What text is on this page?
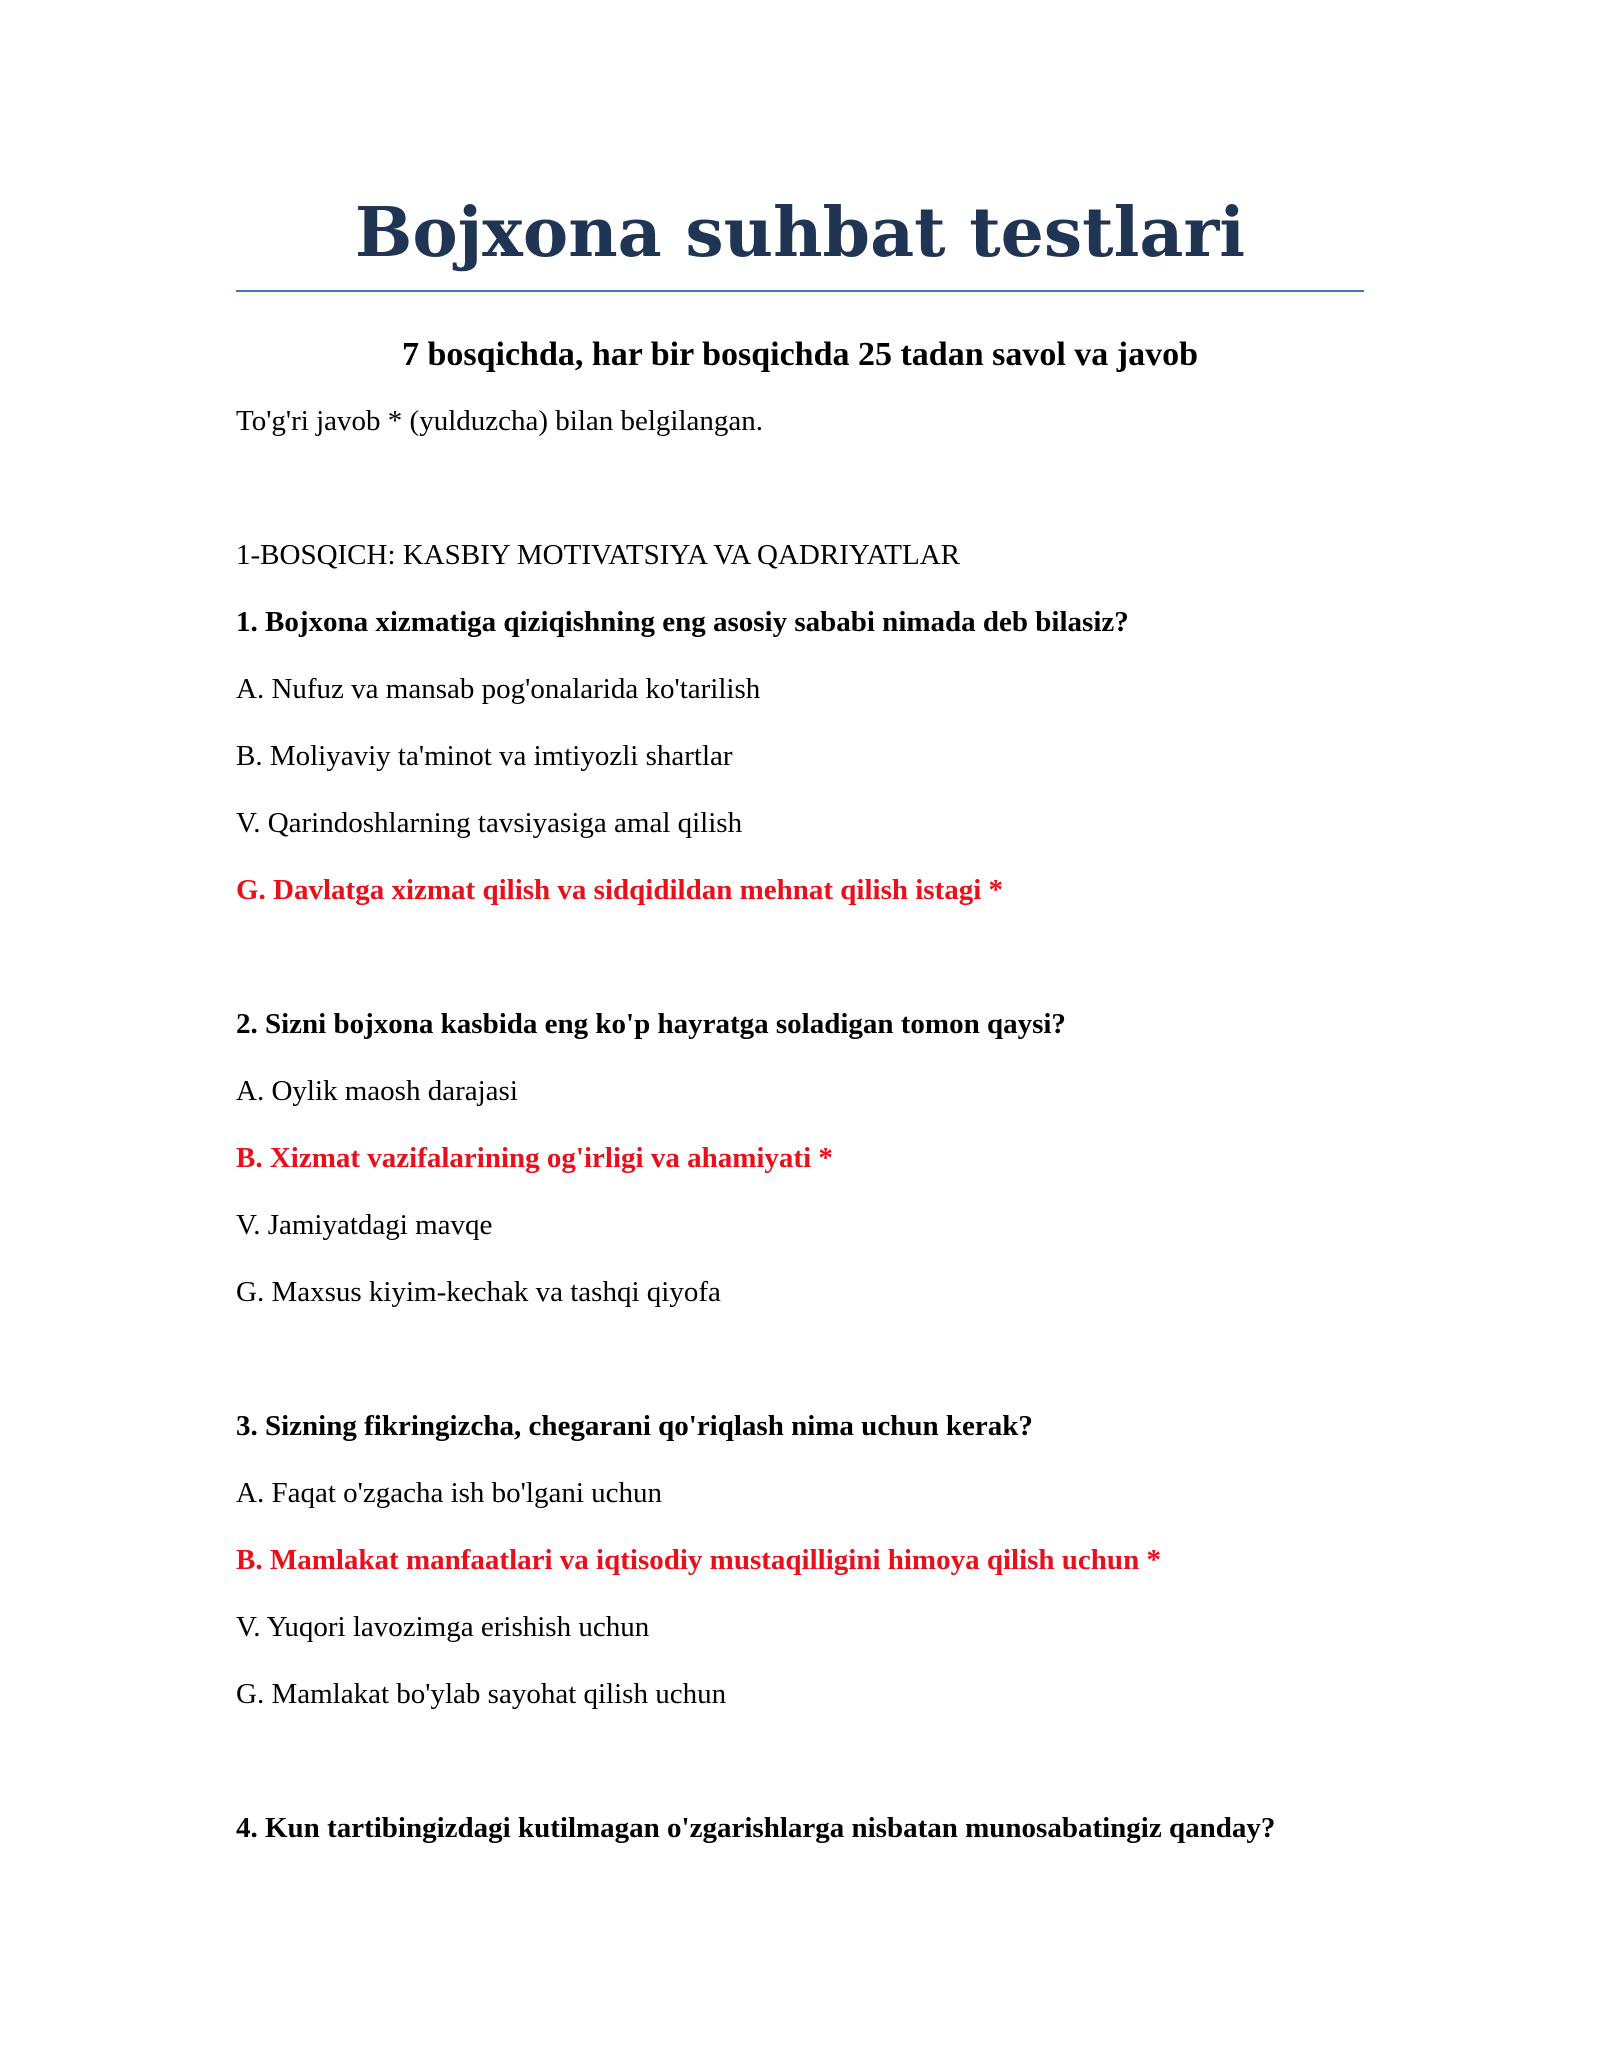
Bojxona suhbat testlari
7 bosqichda, har bir bosqichda 25 tadan savol va javob

To'g'ri javob * (yulduzcha) bilan belgilangan.

1-BOSQICH: KASBIY MOTIVATSIYA VA QADRIYATLAR

1. Bojxona xizmatiga qiziqishning eng asosiy sababi nimada deb bilasiz?

A. Nufuz va mansab pog'onalarida ko'tarilish

B. Moliyaviy ta'minot va imtiyozli shartlar

V. Qarindoshlarning tavsiyasiga amal qilish

G. Davlatga xizmat qilish va sidqidildan mehnat qilish istagi *

2. Sizni bojxona kasbida eng ko'p hayratga soladigan tomon qaysi?

A. Oylik maosh darajasi

B. Xizmat vazifalarining og'irligi va ahamiyati *

V. Jamiyatdagi mavqe

G. Maxsus kiyim-kechak va tashqi qiyofa

3. Sizning fikringizcha, chegarani qo'riqlash nima uchun kerak?

A. Faqat o'zgacha ish bo'lgani uchun

B. Mamlakat manfaatlari va iqtisodiy mustaqilligini himoya qilish uchun *

V. Yuqori lavozimga erishish uchun

G. Mamlakat bo'ylab sayohat qilish uchun

4. Kun tartibingizdagi kutilmagan o'zgarishlarga nisbatan munosabatingiz qanday?
